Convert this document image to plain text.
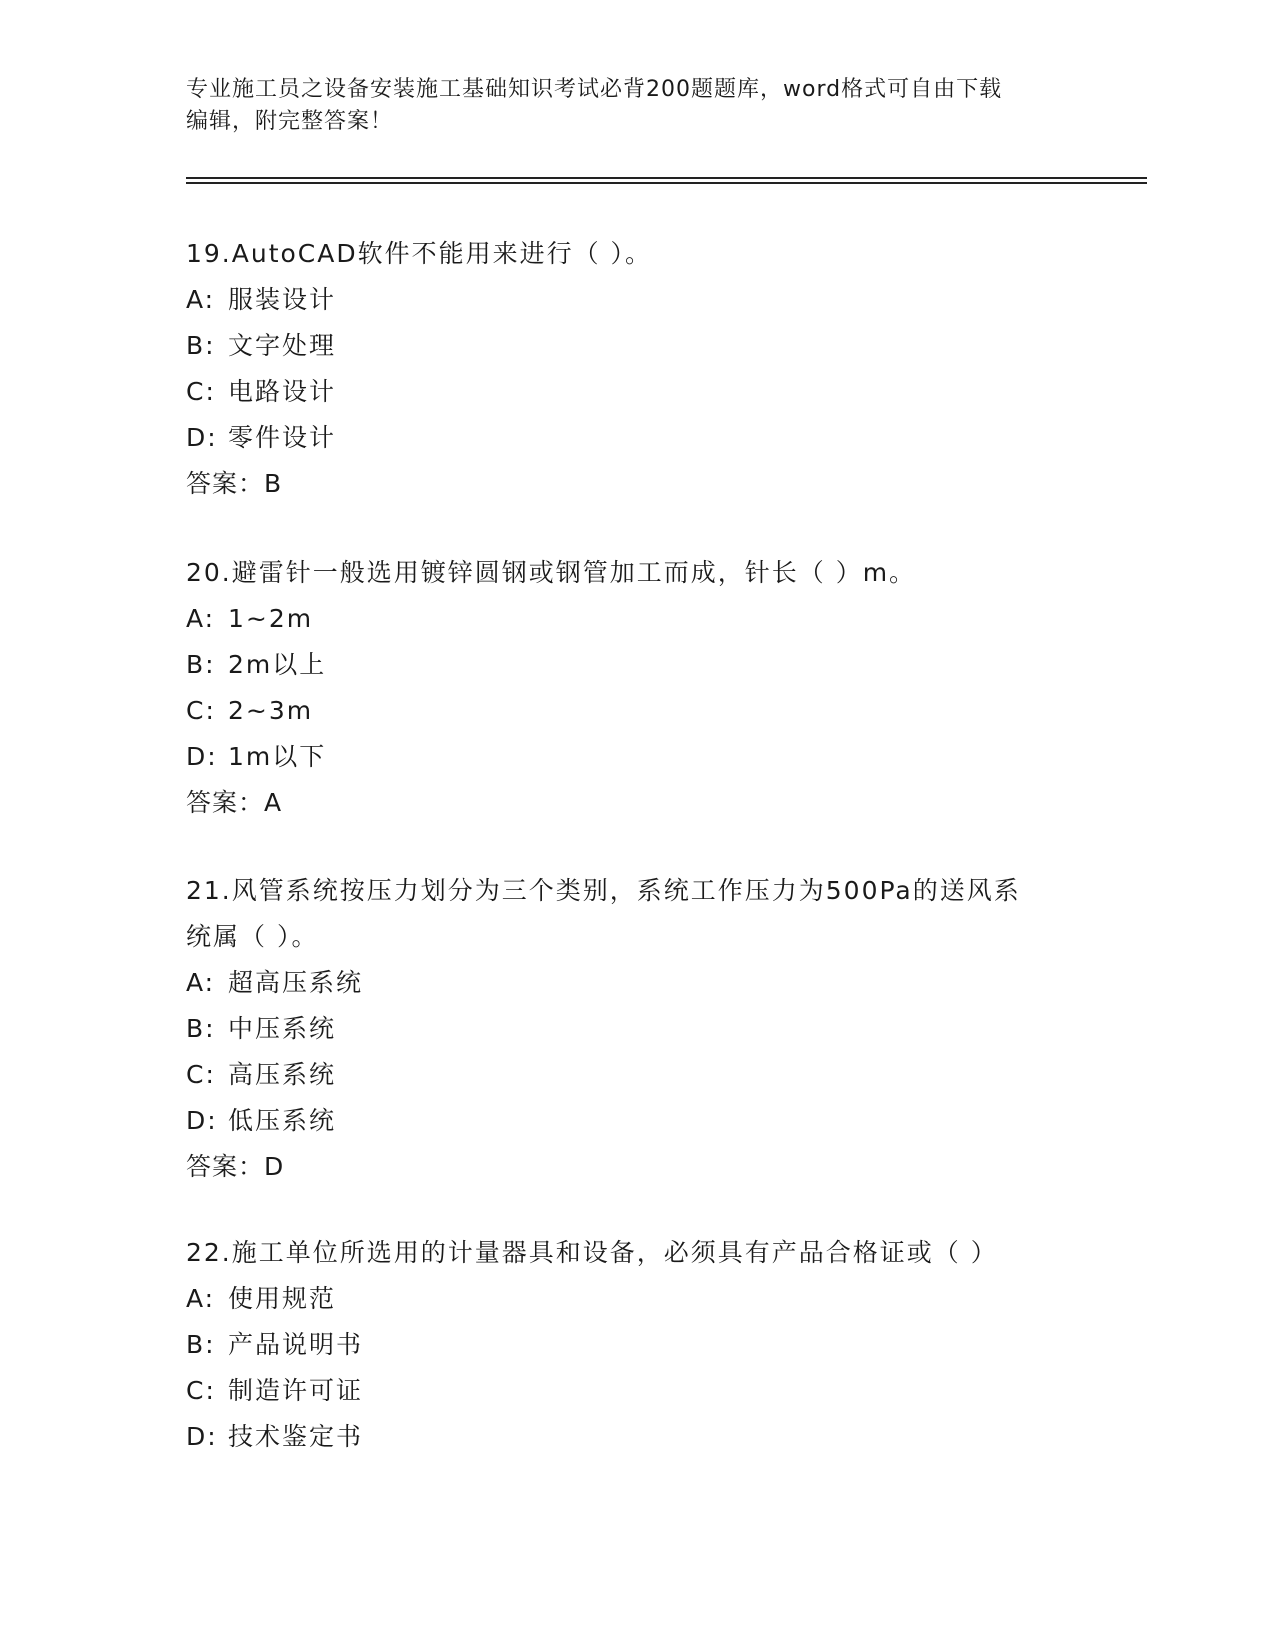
专业施工员之设备安装施工基础知识考试必背200题题库，word格式可自由下载
编辑，附完整答案！
19.AutoCAD软件不能用来进行（ ）。
A: 服装设计
B: 文字处理
C: 电路设计
D: 零件设计
答案：B
20.避雷针一般选用镀锌圆钢或钢管加工而成，针长（ ）m。
A: 1~2m
B: 2m以上
C: 2~3m
D: 1m以下
答案：A
21.风管系统按压力划分为三个类别，系统工作压力为500Pa的送风系统属（ ）。
A: 超高压系统
B: 中压系统
C: 高压系统
D: 低压系统
答案：D
22.施工单位所选用的计量器具和设备，必须具有产品合格证或（ ）
A: 使用规范
B: 产品说明书
C: 制造许可证
D: 技术鉴定书
